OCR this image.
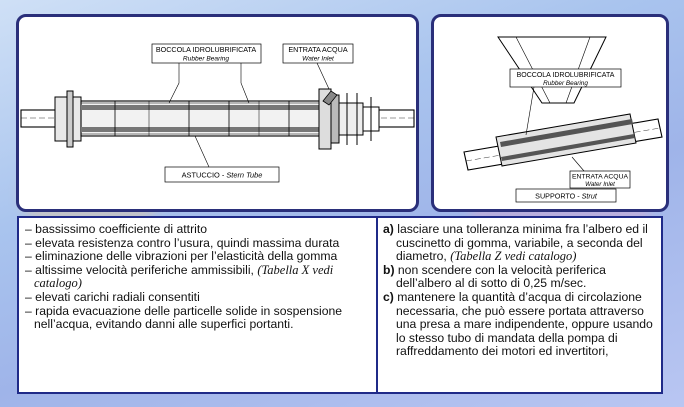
BOCCOLA IDROLUBRIFICATA
Rubber Bearing
ENTRATA ACQUA
Water Inlet
ASTUCCIO - Stern Tube
BOCCOLA IDROLUBRIFICATA
Rubber Bearing
ENTRATA ACQUA
Water Inlet
SUPPORTO - Strut
– bassissimo coefficiente di attrito
– elevata resistenza contro l’usura, quindi massima durata
– eliminazione delle vibrazioni per l’elasticità della gomma
– altissime velocità periferiche ammissibili, (Tabella X vedi catalogo)
– elevati carichi radiali consentiti
– rapida evacuazione delle particelle solide in sospensione nell’acqua, evitando danni alle superfici portanti.
a) lasciare una tolleranza minima fra l’albero ed il cuscinetto di gomma, variabile, a seconda del diametro, (Tabella Z vedi catalogo)
b) non scendere con la velocità periferica dell’albero al di sotto di 0,25 m/sec.
c) mantenere la quantità d’acqua di circolazione necessaria, che può essere portata attraverso una presa a mare indipendente, oppure usando lo stesso tubo di mandata della pompa di raffreddamento dei motori ed invertitori,
